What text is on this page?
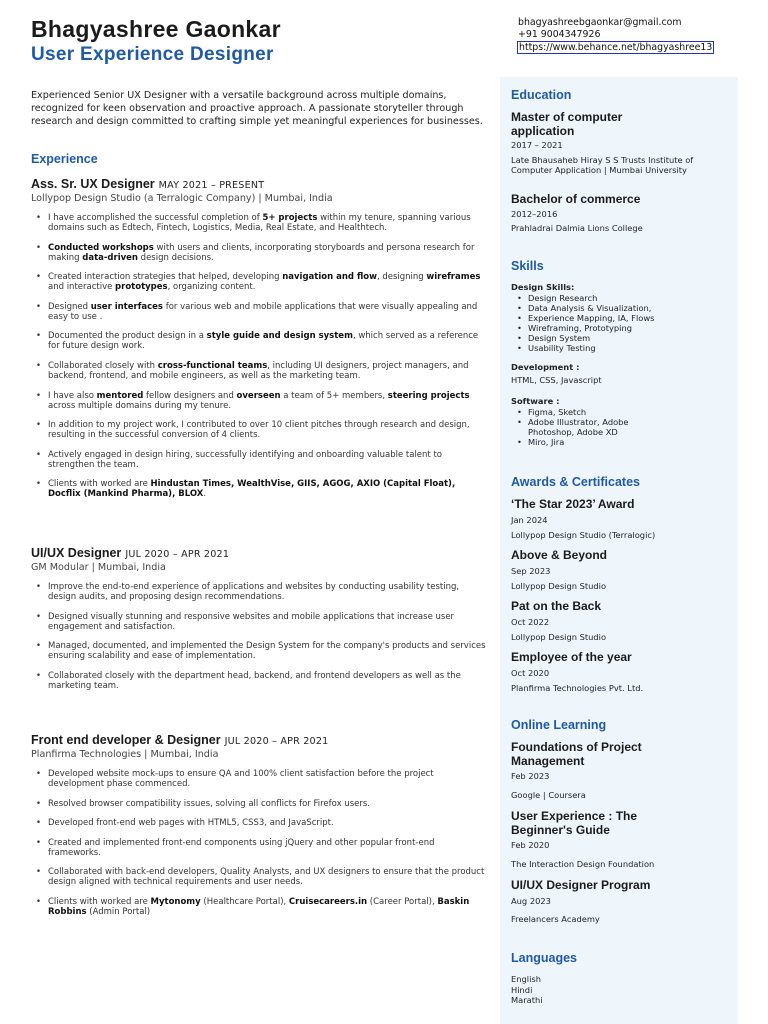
Bhagyashree Gaonkar
User Experience Designer
bhagyashreebgaonkar@gmail.com
+91 9004347926
https://www.behance.net/bhagyashree13
Experienced Senior UX Designer with a versatile background across multiple domains, recognized for keen observation and proactive approach. A passionate storyteller through research and design committed to crafting simple yet meaningful experiences for businesses.
Experience
Ass. Sr. UX Designer MAY 2021 – PRESENT
Lollypop Design Studio (a Terralogic Company) | Mumbai, India
• I have accomplished the successful completion of 5+ projects within my tenure, spanning various domains such as Edtech, Fintech, Logistics, Media, Real Estate, and Healthtech.
• Conducted workshops with users and clients, incorporating storyboards and persona research for making data-driven design decisions.
• Created interaction strategies that helped, developing navigation and flow, designing wireframes and interactive prototypes, organizing content.
• Designed user interfaces for various web and mobile applications that were visually appealing and easy to use .
• Documented the product design in a style guide and design system, which served as a reference for future design work.
• Collaborated closely with cross-functional teams, including UI designers, project managers, and backend, frontend, and mobile engineers, as well as the marketing team.
• I have also mentored fellow designers and overseen a team of 5+ members, steering projects across multiple domains during my tenure.
• In addition to my project work, I contributed to over 10 client pitches through research and design, resulting in the successful conversion of 4 clients.
• Actively engaged in design hiring, successfully identifying and onboarding valuable talent to strengthen the team.
• Clients with worked are Hindustan Times, WealthVise, GIIS, AGOG, AXIO (Capital Float), Docflix (Mankind Pharma), BLOX.
UI/UX Designer JUL 2020 – APR 2021
GM Modular | Mumbai, India
• Improve the end-to-end experience of applications and websites by conducting usability testing, design audits, and proposing design recommendations.
• Designed visually stunning and responsive websites and mobile applications that increase user engagement and satisfaction.
• Managed, documented, and implemented the Design System for the company's products and services ensuring scalability and ease of implementation.
• Collaborated closely with the department head, backend, and frontend developers as well as the marketing team.
Front end developer & Designer JUL 2020 – APR 2021
Planfirma Technologies | Mumbai, India
• Developed website mock-ups to ensure QA and 100% client satisfaction before the project development phase commenced.
• Resolved browser compatibility issues, solving all conflicts for Firefox users.
• Developed front-end web pages with HTML5, CSS3, and JavaScript.
• Created and implemented front-end components using jQuery and other popular front-end frameworks.
• Collaborated with back-end developers, Quality Analysts, and UX designers to ensure that the product design aligned with technical requirements and user needs.
• Clients with worked are Mytonomy (Healthcare Portal), Cruisecareers.in (Career Portal), Baskin Robbins (Admin Portal)
Education
Master of computer application
2017 – 2021
Late Bhausaheb Hiray S S Trusts Institute of Computer Application | Mumbai University
Bachelor of commerce
2012–2016
Prahladrai Dalmia Lions College
Skills
Design Skills:
• Design Research
• Data Analysis & Visualization,
• Experience Mapping, IA, Flows
• Wireframing, Prototyping
• Design System
• Usability Testing
Development :
HTML, CSS, Javascript
Software :
• Figma, Sketch
• Adobe Illustrator, Adobe Photoshop, Adobe XD
• Miro, Jira
Awards & Certificates
‘The Star 2023’ Award
Jan 2024
Lollypop Design Studio (Terralogic)
Above & Beyond
Sep 2023
Lollypop Design Studio
Pat on the Back
Oct 2022
Lollypop Design Studio
Employee of the year
Oct 2020
Planfirma Technologies Pvt. Ltd.
Online Learning
Foundations of Project Management
Feb 2023
Google | Coursera
User Experience : The Beginner's Guide
Feb 2020
The Interaction Design Foundation
UI/UX Designer Program
Aug 2023
Freelancers Academy
Languages
English
Hindi
Marathi
